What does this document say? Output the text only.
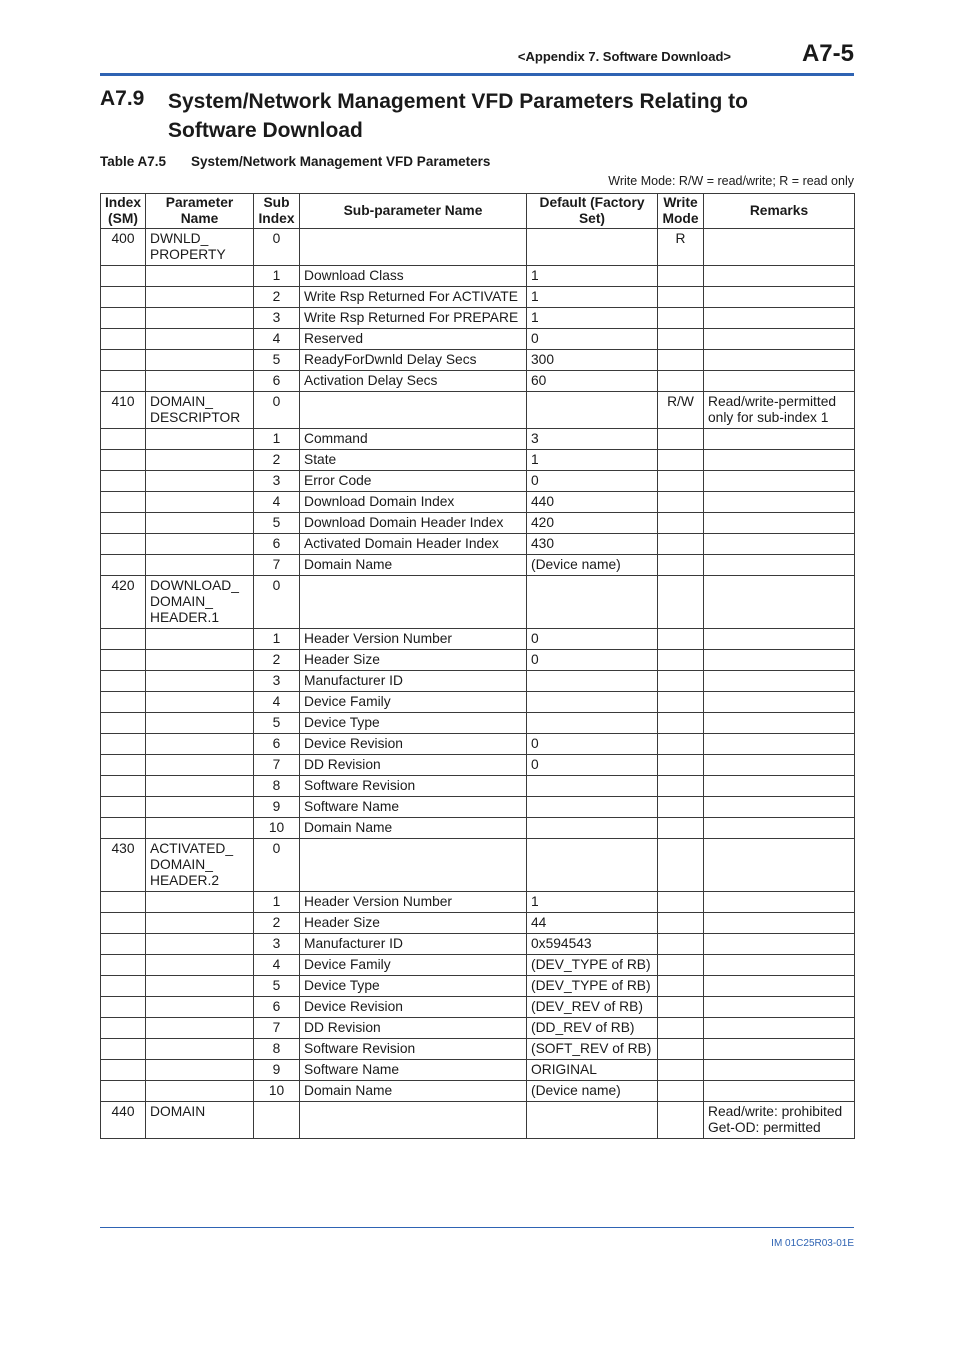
<Appendix 7. Software Download>	A7-5
A7.9 System/Network Management VFD Parameters Relating to Software Download
Table A7.5 System/Network Management VFD Parameters
Write Mode: R/W = read/write; R = read only
Index (SM)	Parameter Name	Sub Index	Sub-parameter Name	Default (Factory Set)	Write Mode	Remarks
400	DWNLD_ PROPERTY	0			R	
		1	Download Class	1		
		2	Write Rsp Returned For ACTIVATE	1		
		3	Write Rsp Returned For PREPARE	1		
		4	Reserved	0		
		5	ReadyForDwnld Delay Secs	300		
		6	Activation Delay Secs	60		
410	DOMAIN_ DESCRIPTOR	0			R/W	Read/write-permitted only for sub-index 1
		1	Command	3		
		2	State	1		
		3	Error Code	0		
		4	Download Domain Index	440		
		5	Download Domain Header Index	420		
		6	Activated Domain Header Index	430		
		7	Domain Name	(Device name)		
420	DOWNLOAD_ DOMAIN_ HEADER.1	0				
		1	Header Version Number	0		
		2	Header Size	0		
		3	Manufacturer ID			
		4	Device Family			
		5	Device Type			
		6	Device Revision	0		
		7	DD Revision	0		
		8	Software Revision			
		9	Software Name			
		10	Domain Name			
430	ACTIVATED_ DOMAIN_ HEADER.2	0				
		1	Header Version Number	1		
		2	Header Size	44		
		3	Manufacturer ID	0x594543		
		4	Device Family	(DEV_TYPE of RB)		
		5	Device Type	(DEV_TYPE of RB)		
		6	Device Revision	(DEV_REV of RB)		
		7	DD Revision	(DD_REV of RB)		
		8	Software Revision	(SOFT_REV of RB)		
		9	Software Name	ORIGINAL		
		10	Domain Name	(Device name)		
440	DOMAIN					Read/write: prohibited Get-OD: permitted
IM 01C25R03-01E
